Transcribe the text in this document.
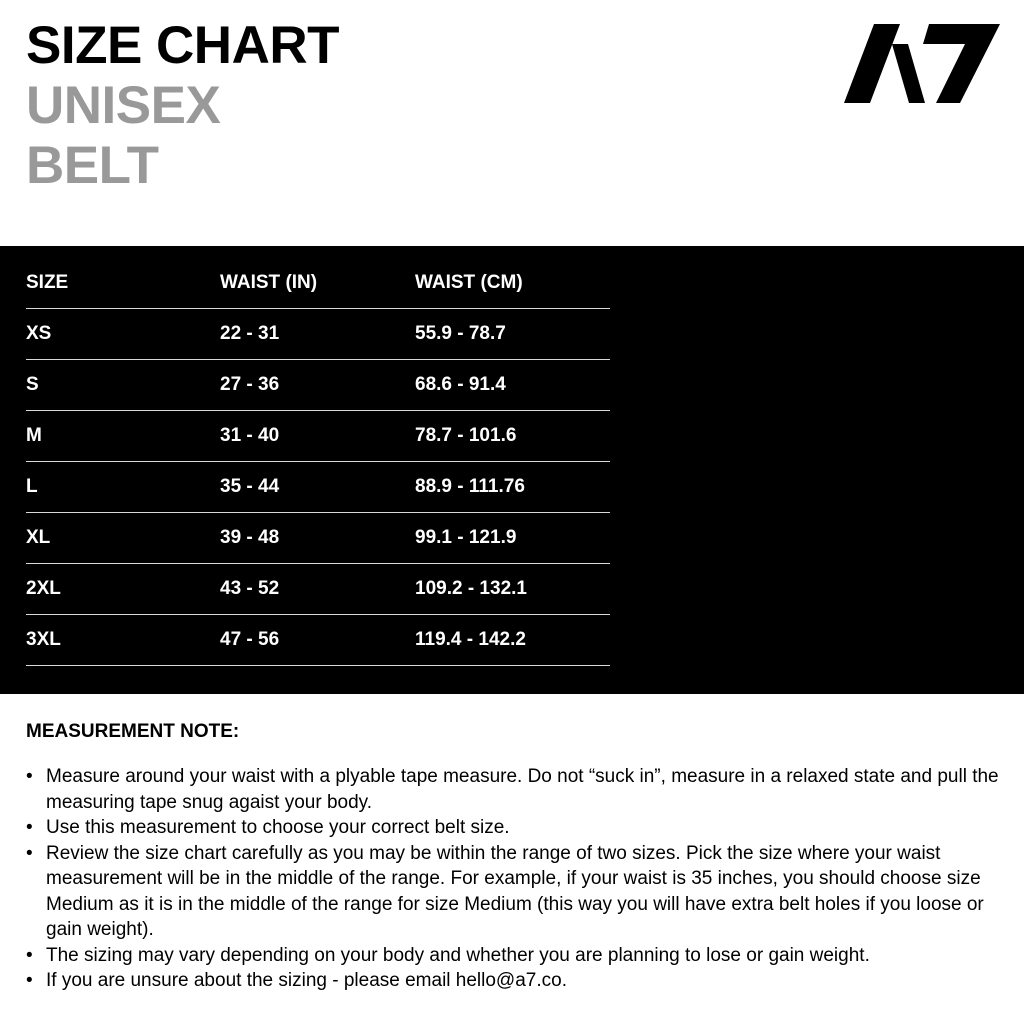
SIZE CHART
UNISEX
BELT
SIZE	WAIST (IN)	WAIST (CM)
XS	22 - 31	55.9 - 78.7
S	27 - 36	68.6 - 91.4
M	31 - 40	78.7 - 101.6
L	35 - 44	88.9 - 111.76
XL	39 - 48	99.1 - 121.9
2XL	43 - 52	109.2 - 132.1
3XL	47 - 56	119.4 - 142.2
MEASUREMENT NOTE:
• Measure around your waist with a plyable tape measure. Do not “suck in”, measure in a relaxed state and pull the measuring tape snug agaist your body.
• Use this measurement to choose your correct belt size.
• Review the size chart carefully as you may be within the range of two sizes. Pick the size where your waist measurement will be in the middle of the range. For example, if your waist is 35 inches, you should choose size Medium as it is in the middle of the range for size Medium (this way you will have extra belt holes if you loose or gain weight).
• The sizing may vary depending on your body and whether you are planning to lose or gain weight.
• If you are unsure about the sizing - please email hello@a7.co.
